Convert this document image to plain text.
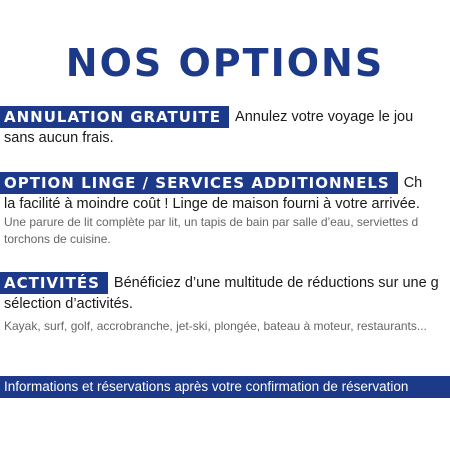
NOS OPTIONS
ANNULATION GRATUITE Annulez votre voyage le jou
sans aucun frais.
OPTION LINGE / SERVICES ADDITIONNELS Ch
la facilité à moindre coût ! Linge de maison fourni à votre arrivée.
Une parure de lit complète par lit, un tapis de bain par salle d’eau, serviettes d
torchons de cuisine.
ACTIVITÉS Bénéficiez d’une multitude de réductions sur une g
sélection d’activités.
Kayak, surf, golf, accrobranche, jet-ski, plongée, bateau à moteur, restaurants...
Informations et réservations après votre confirmation de réservation
